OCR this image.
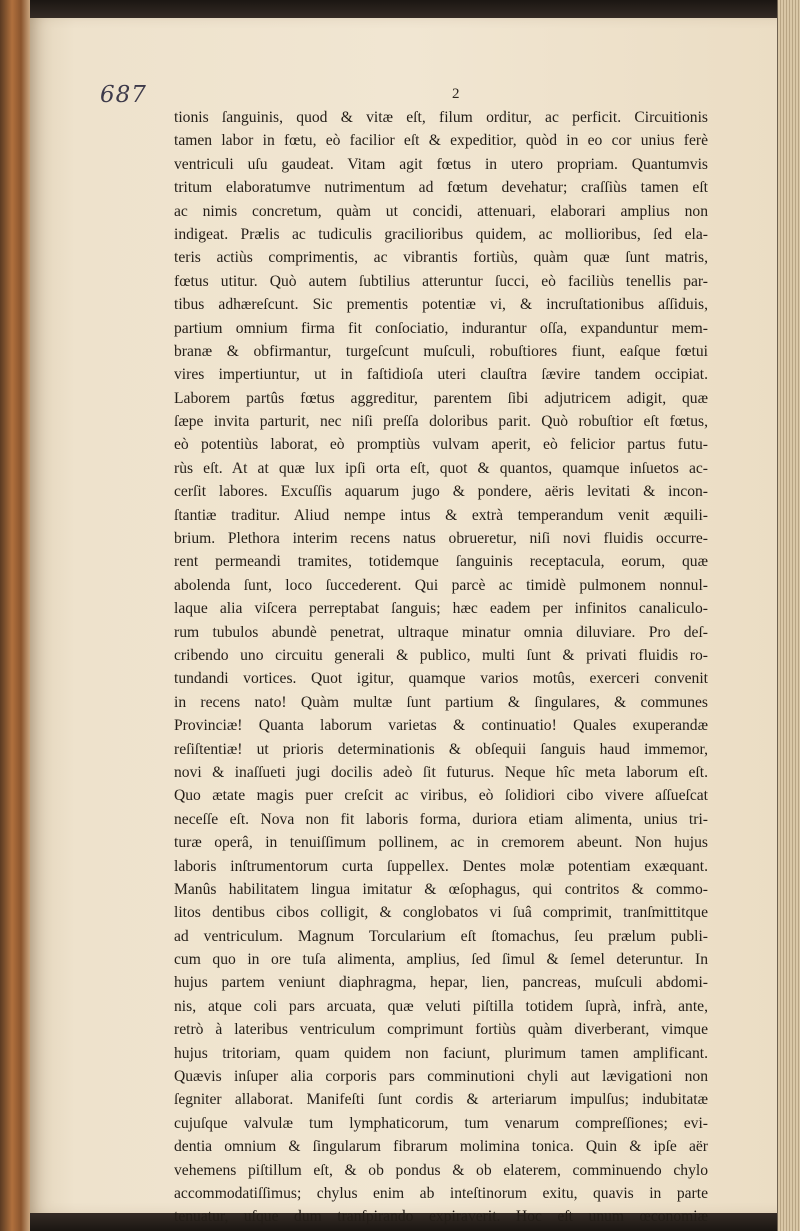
687	2
tionis ſanguinis, quod & vitæ eſt, filum orditur, ac perficit. Circuitionis
tamen labor in fœtu, eò facilior eſt & expeditior, quòd in eo cor unius ferè
ventriculi uſu gaudeat. Vitam agit fœtus in utero propriam. Quantumvis
tritum elaboratumve nutrimentum ad fœtum devehatur; craſſiùs tamen eſt
ac nimis concretum, quàm ut concidi, attenuari, elaborari amplius non
indigeat. Prælis ac tudiculis gracilioribus quidem, ac mollioribus, ſed ela-
teris actiùs comprimentis, ac vibrantis fortiùs, quàm quæ ſunt matris,
fœtus utitur. Quò autem ſubtilius atteruntur ſucci, eò faciliùs tenellis par-
tibus adhæreſcunt. Sic prementis potentiæ vi, & incruſtationibus aſſiduis,
partium omnium firma fit conſociatio, indurantur oſſa, expanduntur mem-
branæ & obfirmantur, turgeſcunt muſculi, robuſtiores fiunt, eaſque fœtui
vires impertiuntur, ut in faſtidioſa uteri clauſtra ſævire tandem occipiat.
Laborem partûs fœtus aggreditur, parentem ſibi adjutricem adigit, quæ
ſæpe invita parturit, nec niſi preſſa doloribus parit. Quò robuſtior eſt fœtus,
eò potentiùs laborat, eò promptiùs vulvam aperit, eò felicior partus futu-
rùs eſt. At at quæ lux ipſi orta eſt, quot & quantos, quamque inſuetos ac-
cerſit labores. Excuſſis aquarum jugo & pondere, aëris levitati & incon-
ſtantiæ traditur. Aliud nempe intus & extrà temperandum venit æquili-
brium. Plethora interim recens natus obrueretur, niſi novi fluidis occurre-
rent permeandi tramites, totidemque ſanguinis receptacula, eorum, quæ
abolenda ſunt, loco ſuccederent. Qui parcè ac timidè pulmonem nonnul-
laque alia viſcera perreptabat ſanguis; hæc eadem per infinitos canaliculo-
rum tubulos abundè penetrat, ultraque minatur omnia diluviare. Pro deſ-
cribendo uno circuitu generali & publico, multi ſunt & privati fluidis ro-
tundandi vortices. Quot igitur, quamque varios motûs, exerceri convenit
in recens nato! Quàm multæ ſunt partium & ſingulares, & communes
Provinciæ! Quanta laborum varietas & continuatio! Quales exuperandæ
reſiſtentiæ! ut prioris determinationis & obſequii ſanguis haud immemor,
novi & inaſſueti jugi docilis adeò ſit futurus. Neque hîc meta laborum eſt.
Quo ætate magis puer creſcit ac viribus, eò ſolidiori cibo vivere aſſueſcat
neceſſe eſt. Nova non fit laboris forma, duriora etiam alimenta, unius tri-
turæ operâ, in tenuiſſimum pollinem, ac in cremorem abeunt. Non hujus
laboris inſtrumentorum curta ſuppellex. Dentes molæ potentiam exæquant.
Manûs habilitatem lingua imitatur & œſophagus, qui contritos & commo-
litos dentibus cibos colligit, & conglobatos vi ſuâ comprimit, tranſmittitque
ad ventriculum. Magnum Torcularium eſt ſtomachus, ſeu prælum publi-
cum quo in ore tuſa alimenta, amplius, ſed ſimul & ſemel deteruntur. In
hujus partem veniunt diaphragma, hepar, lien, pancreas, muſculi abdomi-
nis, atque coli pars arcuata, quæ veluti piſtilla totidem ſuprà, infrà, ante,
retrò à lateribus ventriculum comprimunt fortiùs quàm diverberant, vimque
hujus tritoriam, quam quidem non faciunt, plurimum tamen amplificant.
Quævis inſuper alia corporis pars comminutioni chyli aut lævigationi non
ſegniter allaborat. Manifeſti ſunt cordis & arteriarum impulſus; indubitatæ
cujuſque valvulæ tum lymphaticorum, tum venarum compreſſiones; evi-
dentia omnium & ſingularum fibrarum molimina tonica. Quin & ipſe aër
vehemens piſtillum eſt, & ob pondus & ob elaterem, comminuendo chylo
accommodatiſſimus; chylus enim ab inteſtinorum exitu, quavis in parte
tenuatur, uſque dum tranſpirando expiraverit. Hoc eſt unum œconomiæ
